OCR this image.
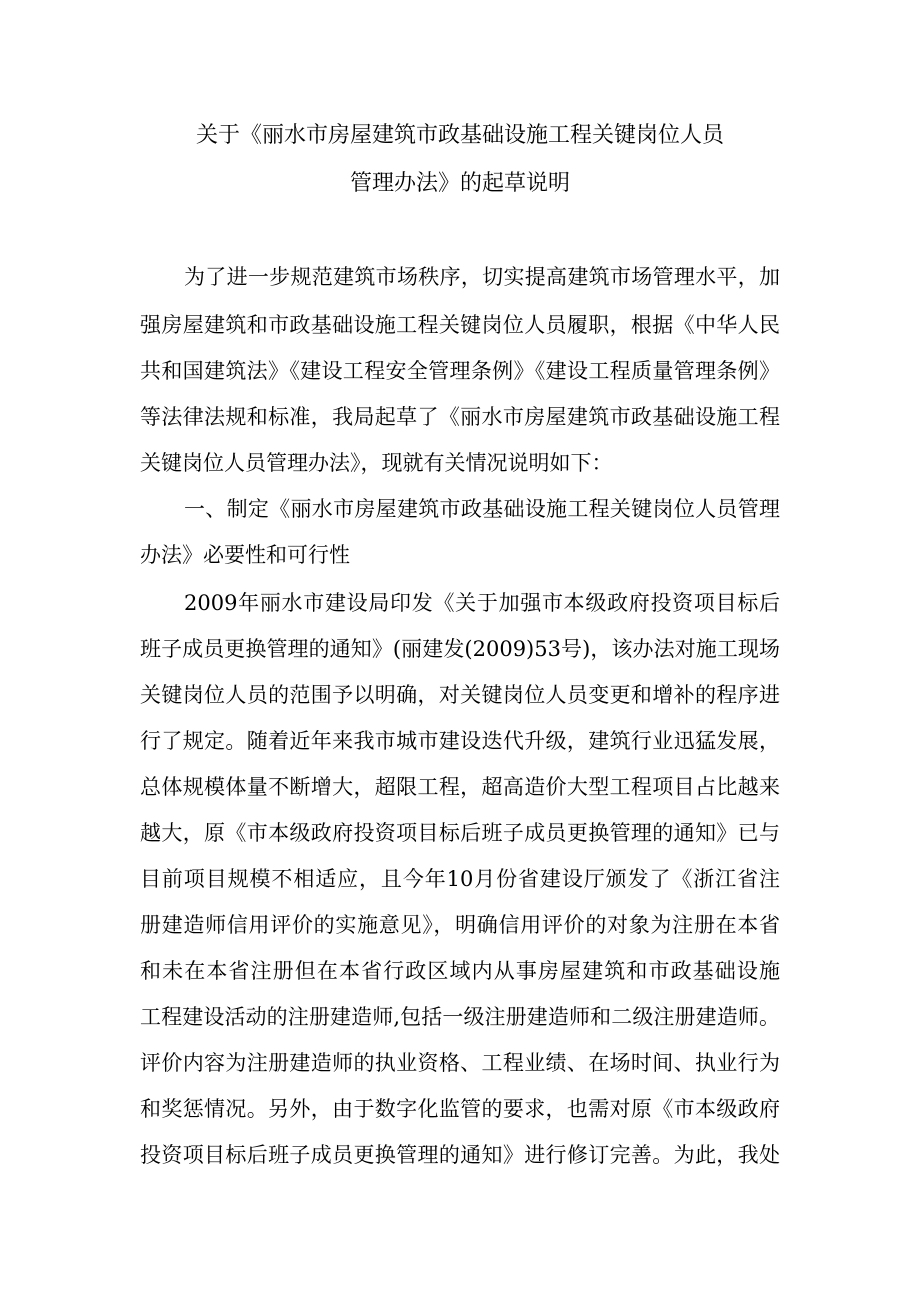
关于《丽水市房屋建筑市政基础设施工程关键岗位人员
管理办法》的起草说明
为了进一步规范建筑市场秩序，切实提高建筑市场管理水平，加
强房屋建筑和市政基础设施工程关键岗位人员履职，根据《中华人民
共和国建筑法》《建设工程安全管理条例》《建设工程质量管理条例》
等法律法规和标准，我局起草了《丽水市房屋建筑市政基础设施工程
关键岗位人员管理办法》，现就有关情况说明如下：
一、制定《丽水市房屋建筑市政基础设施工程关键岗位人员管理
办法》必要性和可行性
2009年丽水市建设局印发《关于加强市本级政府投资项目标后
班子成员更换管理的通知》(丽建发(2009)53号)，该办法对施工现场
关键岗位人员的范围予以明确，对关键岗位人员变更和增补的程序进
行了规定。随着近年来我市城市建设迭代升级，建筑行业迅猛发展，
总体规模体量不断增大，超限工程，超高造价大型工程项目占比越来
越大，原《市本级政府投资项目标后班子成员更换管理的通知》已与
目前项目规模不相适应，且今年10月份省建设厅颁发了《浙江省注
册建造师信用评价的实施意见》，明确信用评价的对象为注册在本省
和未在本省注册但在本省行政区域内从事房屋建筑和市政基础设施
工程建设活动的注册建造师,包括一级注册建造师和二级注册建造师。
评价内容为注册建造师的执业资格、工程业绩、在场时间、执业行为
和奖惩情况。另外，由于数字化监管的要求，也需对原《市本级政府
投资项目标后班子成员更换管理的通知》进行修订完善。为此，我处
